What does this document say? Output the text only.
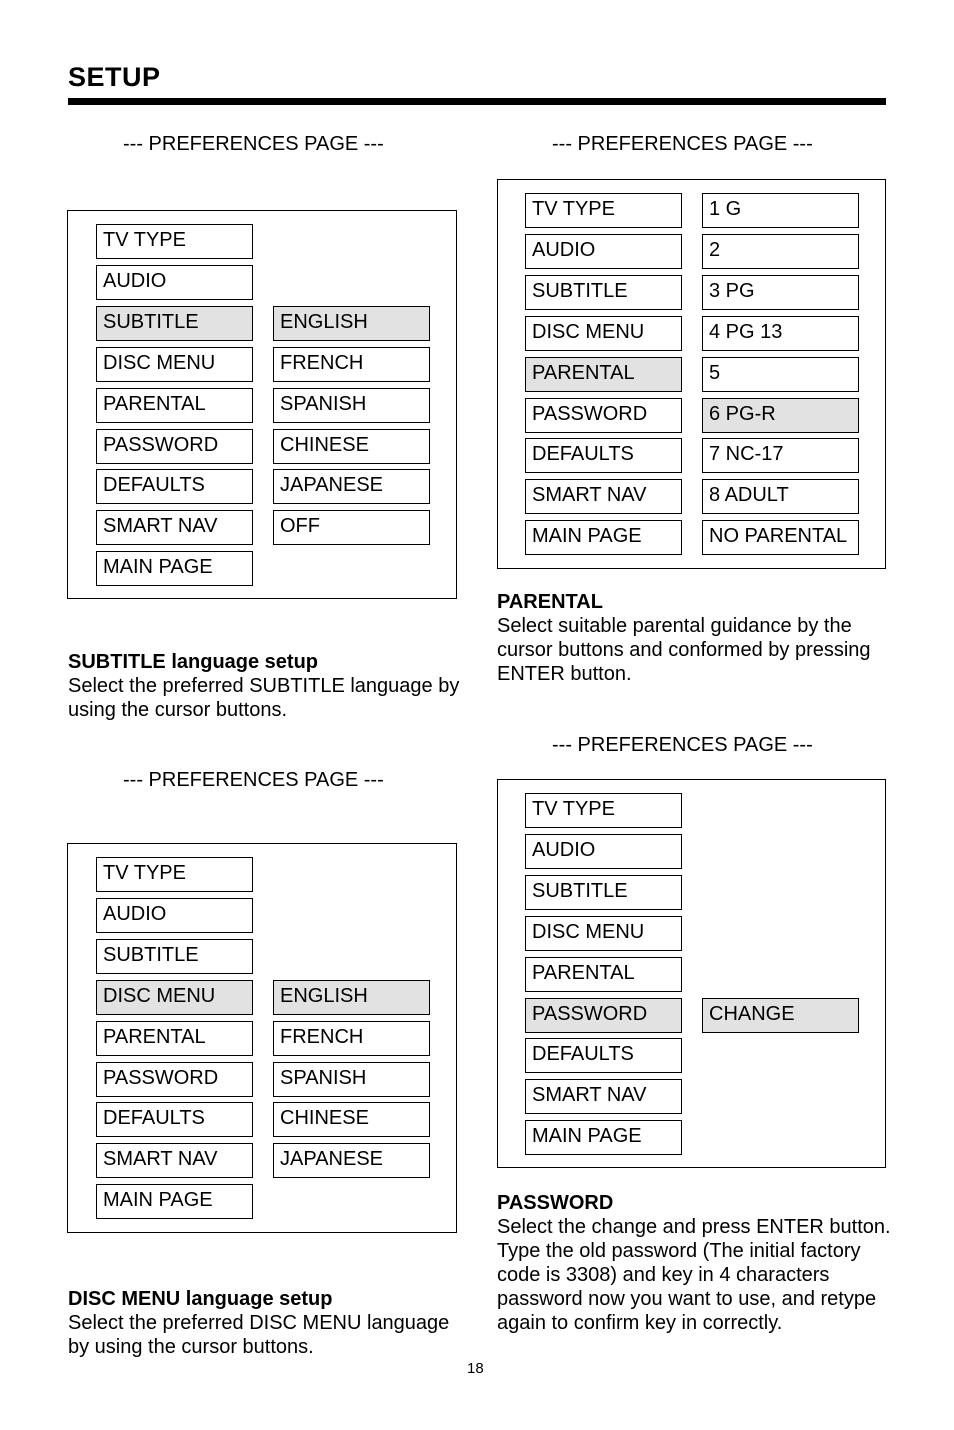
SETUP
--- PREFERENCES PAGE ---
TV TYPE
AUDIO
SUBTITLE
DISC MENU
PARENTAL
PASSWORD
DEFAULTS
SMART NAV
MAIN PAGE
ENGLISH
FRENCH
SPANISH
CHINESE
JAPANESE
OFF
SUBTITLE language setup
Select the preferred SUBTITLE language by using the cursor buttons.
--- PREFERENCES PAGE ---
TV TYPE
AUDIO
SUBTITLE
DISC MENU
PARENTAL
PASSWORD
DEFAULTS
SMART NAV
MAIN PAGE
ENGLISH
FRENCH
SPANISH
CHINESE
JAPANESE
DISC MENU language setup
Select the preferred DISC MENU language by using the cursor buttons.
--- PREFERENCES PAGE ---
TV TYPE
AUDIO
SUBTITLE
DISC MENU
PARENTAL
PASSWORD
DEFAULTS
SMART NAV
MAIN PAGE
1 G
2
3 PG
4 PG 13
5
6 PG-R
7 NC-17
8 ADULT
NO PARENTAL
PARENTAL
Select suitable parental guidance by the cursor buttons and conformed by pressing ENTER button.
--- PREFERENCES PAGE ---
TV TYPE
AUDIO
SUBTITLE
DISC MENU
PARENTAL
PASSWORD
DEFAULTS
SMART NAV
MAIN PAGE
CHANGE
PASSWORD
Select the change and press ENTER button. Type the old password (The initial factory code is 3308) and key in 4 characters password now you want to use, and retype again to confirm key in correctly.
18
